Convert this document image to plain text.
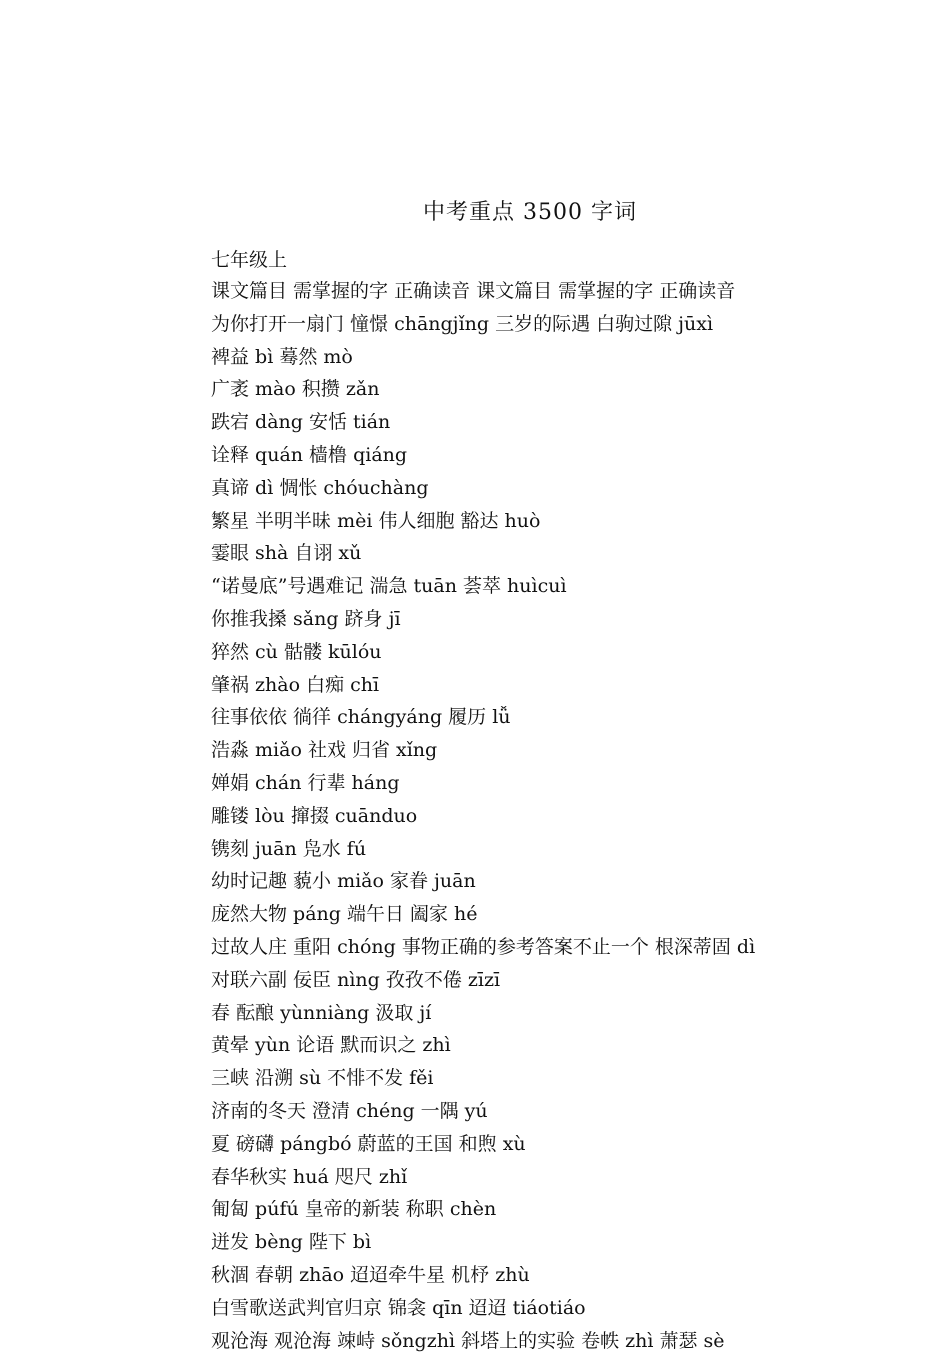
中考重点 3500 字词
七年级上
课文篇目 需掌握的字 正确读音 课文篇目 需掌握的字 正确读音
为你打开一扇门 憧憬 chāngjǐng 三岁的际遇 白驹过隙 jūxì
裨益 bì 蓦然 mò
广袤 mào 积攒 zǎn
跌宕 dàng 安恬 tián
诠释 quán 樯橹 qiáng
真谛 dì 惆怅 chóuchàng
繁星 半明半昧 mèi 伟人细胞 豁达 huò
霎眼 shà 自诩 xǔ
“诺曼底”号遇难记 湍急 tuān 荟萃 huìcuì
你推我搡 sǎng 跻身 jī
猝然 cù 骷髅 kūlóu
肇祸 zhào 白痴 chī
往事依依 徜徉 chángyáng 履历 lǚ
浩淼 miǎo 社戏 归省 xǐng
婵娟 chán 行辈 háng
雕镂 lòu 撺掇 cuānduo
镌刻 juān 凫水 fú
幼时记趣 藐小 miǎo 家眷 juān
庞然大物 páng 端午日 阖家 hé
过故人庄 重阳 chóng 事物正确的参考答案不止一个 根深蒂固 dì
对联六副 佞臣 nìng 孜孜不倦 zīzī
春 酝酿 yùnniàng 汲取 jí
黄晕 yùn 论语 默而识之 zhì
三峡 沿溯 sù 不悱不发 fěi
济南的冬天 澄清 chéng 一隅 yú
夏 磅礴 pángbó 蔚蓝的王国 和煦 xù
春华秋实 huá 咫尺 zhǐ
匍匐 púfú 皇帝的新装 称职 chèn
迸发 bèng 陛下 bì
秋涸 春朝 zhāo 迢迢牵牛星 机杼 zhù
白雪歌送武判官归京 锦衾 qīn 迢迢 tiáotiáo
观沧海 观沧海 竦峙 sǒngzhì 斜塔上的实验 卷帙 zhì 萧瑟 sè
